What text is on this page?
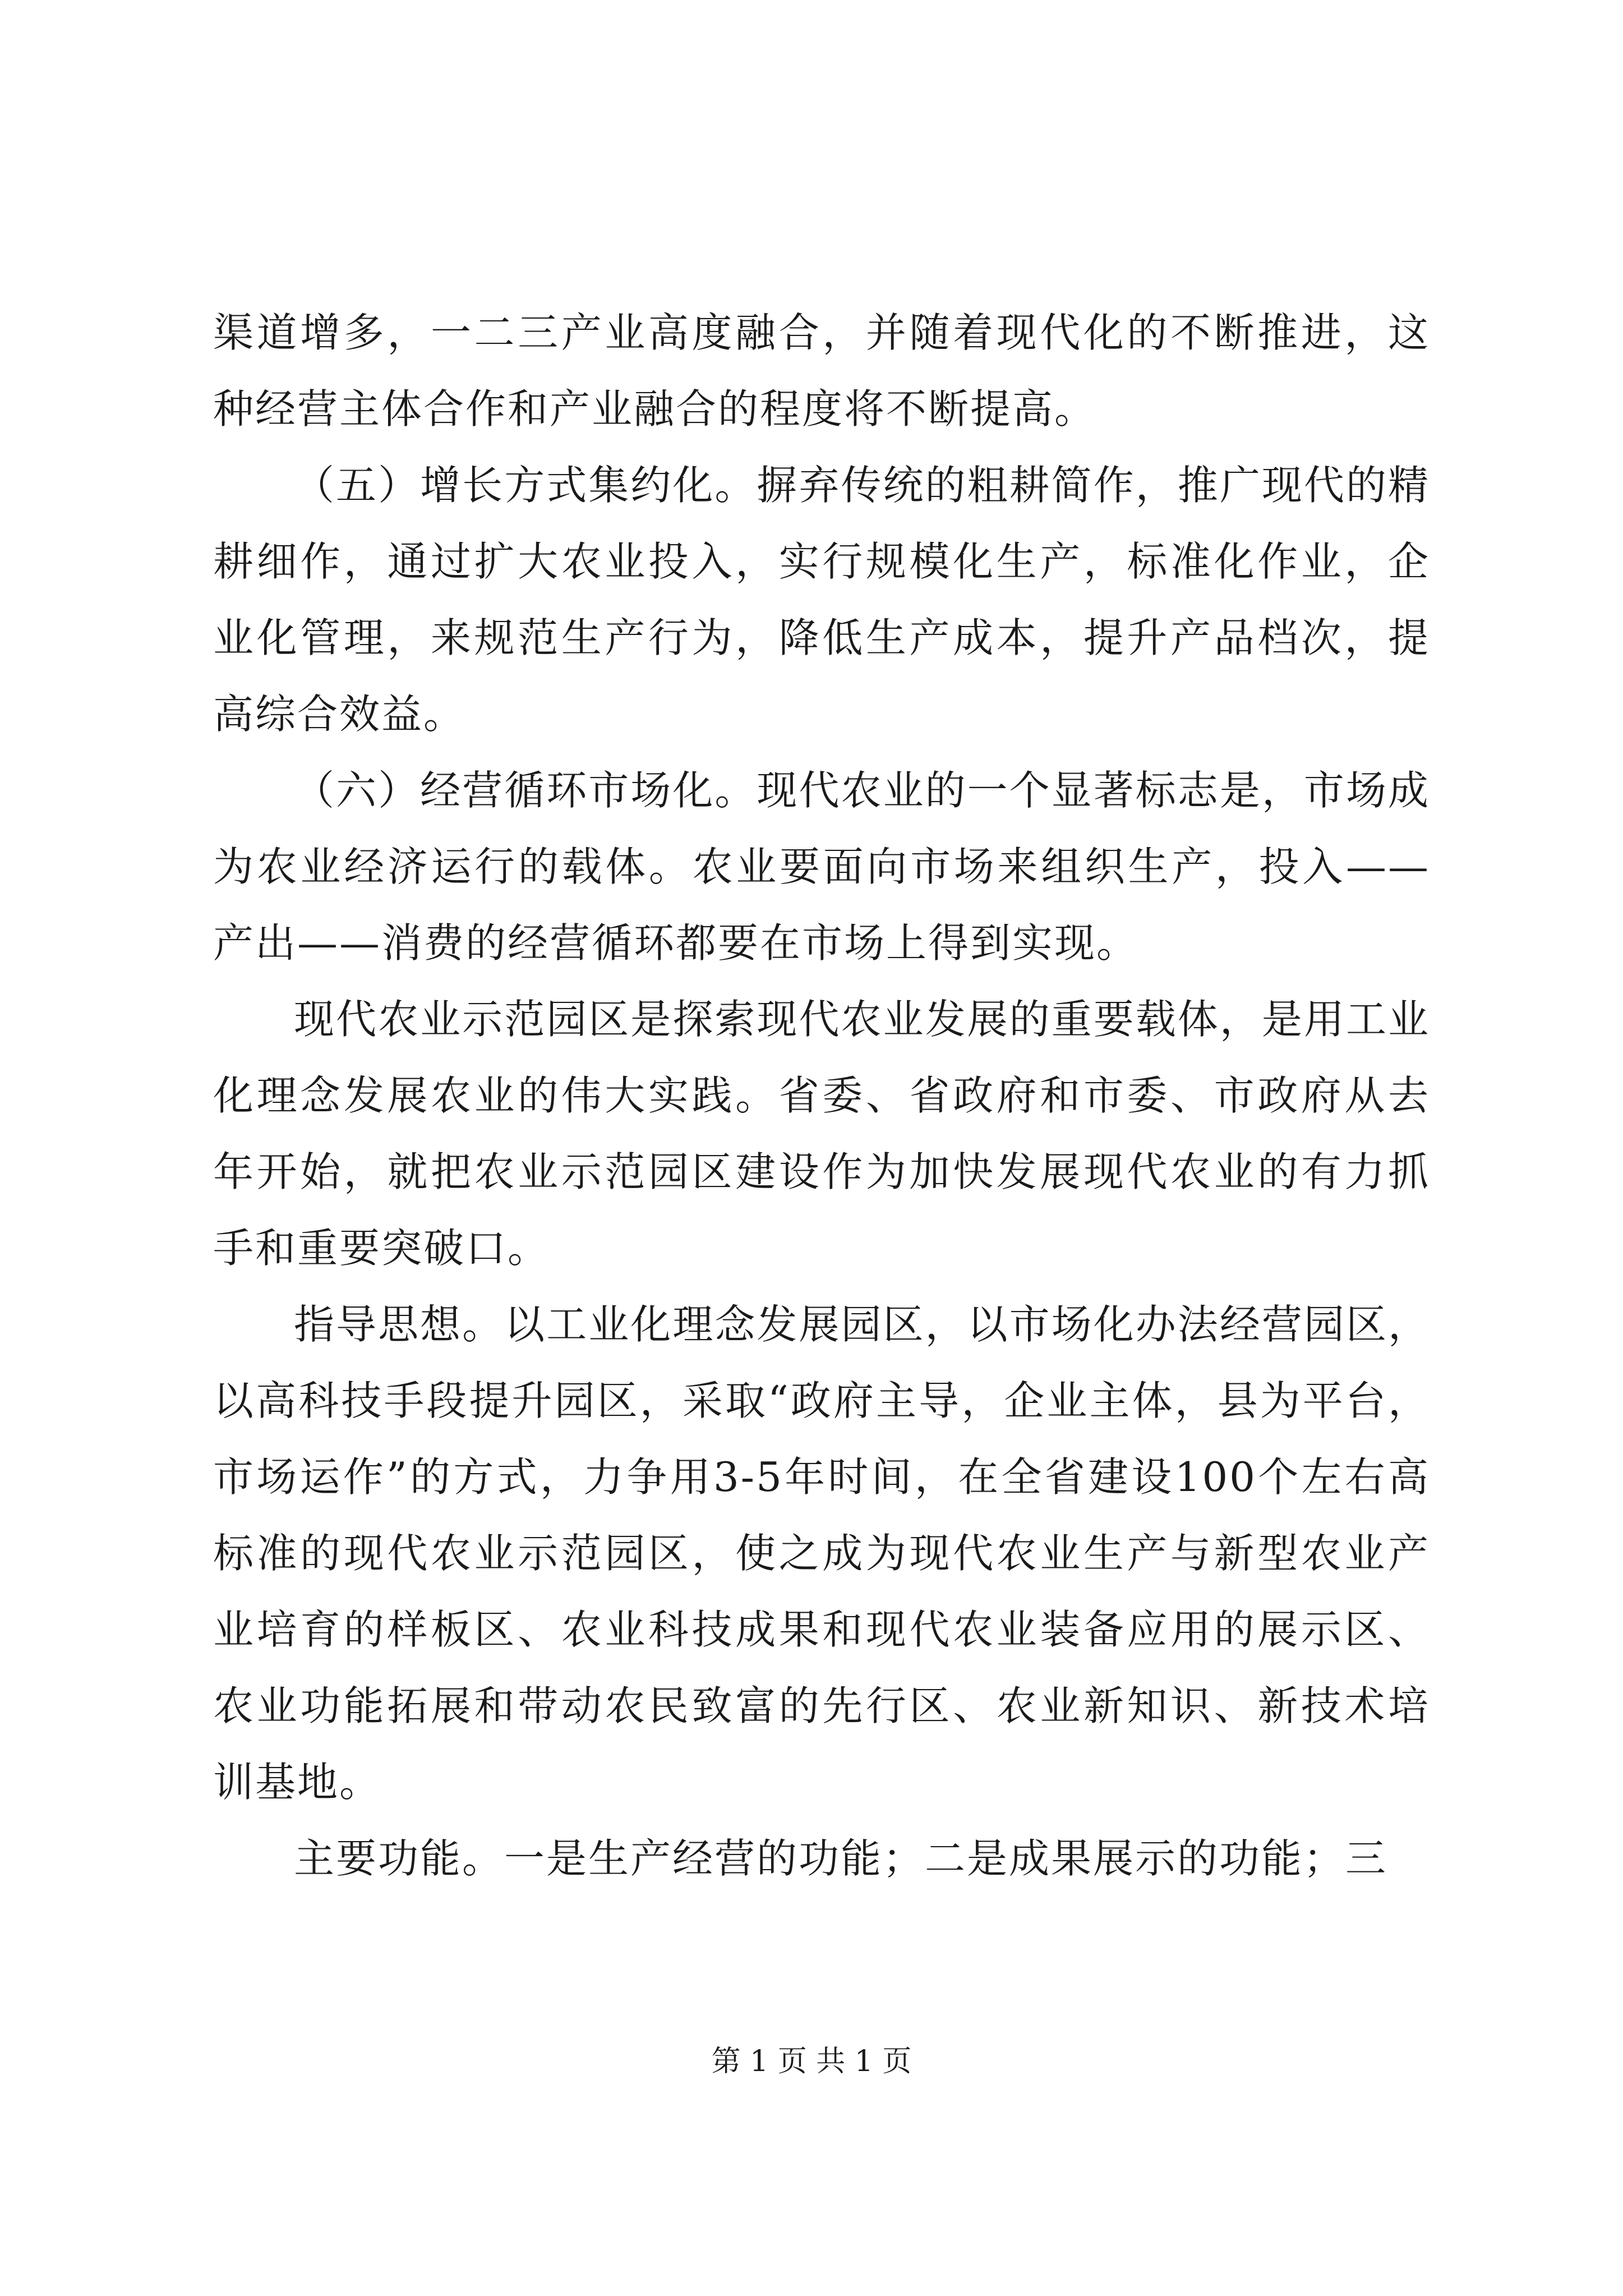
渠道增多，一二三产业高度融合，并随着现代化的不断推进，这种经营主体合作和产业融合的程度将不断提高。

（五）增长方式集约化。摒弃传统的粗耕简作，推广现代的精耕细作，通过扩大农业投入，实行规模化生产，标准化作业，企业化管理，来规范生产行为，降低生产成本，提升产品档次，提高综合效益。

（六）经营循环市场化。现代农业的一个显著标志是，市场成为农业经济运行的载体。农业要面向市场来组织生产，投入——产出——消费的经营循环都要在市场上得到实现。

现代农业示范园区是探索现代农业发展的重要载体，是用工业化理念发展农业的伟大实践。省委、省政府和市委、市政府从去年开始，就把农业示范园区建设作为加快发展现代农业的有力抓手和重要突破口。

指导思想。以工业化理念发展园区，以市场化办法经营园区，以高科技手段提升园区，采取“政府主导，企业主体，县为平台，市场运作”的方式，力争用3-5年时间，在全省建设100个左右高标准的现代农业示范园区，使之成为现代农业生产与新型农业产业培育的样板区、农业科技成果和现代农业装备应用的展示区、农业功能拓展和带动农民致富的先行区、农业新知识、新技术培训基地。

主要功能。一是生产经营的功能；二是成果展示的功能；三

第 1 页 共 1 页
